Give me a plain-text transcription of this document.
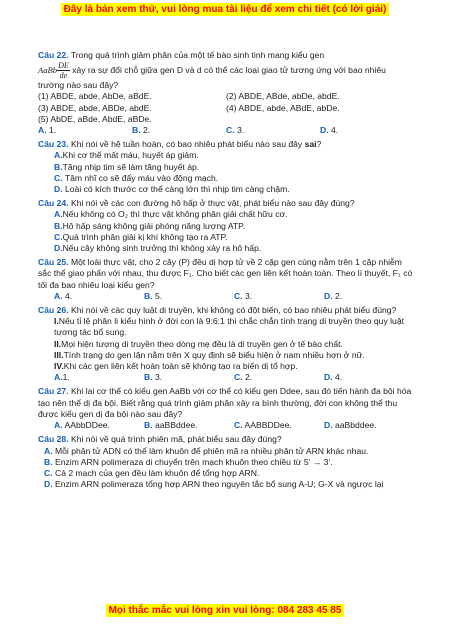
Đây là bản xem thử, vui lòng mua tài liệu để xem chi tiết (có lời giải)
Câu 22. Trong quá trình giảm phân của một tế bào sinh tinh mang kiểu gen
AaBb $\frac{DE}{de}$ xảy ra sự đổi chỗ giữa gen D và d có thể các loại giao tử tương ứng với bao nhiêu trường nào sau đây?
(1) ABDE, abde, AbDe, aBdE.	(2) ABDE, ABde, abDe, abdE.
(3) ABDE, abde, ABDe, abdE.	(4) ABDE, abde, ABdE, abDe.
(5) AbDE, aBde, AbdE, aBDe.
A. 1.	B. 2.	C. 3.	D. 4.
Câu 23. Khi nói về hệ tuần hoàn, có bao nhiêu phát biểu nào sau đây sai?
A.Khi cơ thể mất máu, huyết áp giảm.
B.Tăng nhịp tim sẽ làm tăng huyết áp.
C. Tâm nhĩ co sẽ đẩy máu vào động mạch.
D. Loài có kích thước cơ thể càng lớn thì nhịp tim càng chậm.
Câu 24. Khi nói về các con đường hô hấp ở thực vật, phát biểu nào sau đây đúng?
A.Nếu không có O₂ thì thực vật không phân giải chất hữu cơ.
B.Hô hấp sáng không giải phóng năng lượng ATP.
C.Quá trình phân giải kị khí không tạo ra ATP.
D.Nếu cây không sinh trưởng thì không xảy ra hô hấp.
Câu 25. Một loài thực vật, cho 2 cây (P) đều dị hợp tử về 2 cặp gen cùng nằm trên 1 cặp nhiễm sắc thể giao phấn với nhau, thu được F₁. Cho biết các gen liên kết hoàn toàn. Theo lí thuyết, F₁ có tối đa bao nhiêu loại kiểu gen?
A. 4.	B. 5.	C. 3.	D. 2.
Câu 26. Khi nói về các quy luật di truyền, khi không có đột biến, có bao nhiêu phát biểu đúng?
I.Nếu tỉ lệ phân li kiểu hình ở đời con là 9:6:1 thì chắc chắn tính trạng di truyền theo quy luật tương tác bổ sung.
II.Mọi hiện tượng di truyền theo dòng mẹ đều là di truyền gen ở tế bào chất.
III.Tính trạng do gen lặn nằm trên X quy định sẽ biểu hiện ở nam nhiều hơn ở nữ.
IV.Khi các gen liên kết hoàn toàn sẽ không tạo ra biến dị tổ hợp.
A.1.	B. 3.	C. 2.	D. 4.
Câu 27. Khi lai cơ thể có kiểu gen AaBb với cơ thể có kiểu gen Ddee, sau đó tiến hành đa bội hóa tạo nên thể dị đa bội. Biết rằng quá trình giảm phân xảy ra bình thường, đời con không thể thu được kiểu gen dị đa bội nào sau đây?
A. AAbbDDee.	B. aaBBddee.	C. AABBDDee.	D. aaBbddee.
Câu 28. Khi nói về quá trình phiên mã, phát biểu sau đây đúng?
A. Mỗi phân tử ADN có thể làm khuôn để phiên mã ra nhiều phân tử ARN khác nhau.
B. Enzim ARN polimeraza di chuyển trên mạch khuôn theo chiều từ 5’ → 3’.
C. Cả 2 mạch của gen đều làm khuôn để tổng hợp ARN.
D. Enzim ARN polimeraza tổng hợp ARN theo nguyên tắc bổ sung A-U; G-X và ngược lại
Mọi thắc mắc vui lòng xin vui lòng: 084 283 45 85
